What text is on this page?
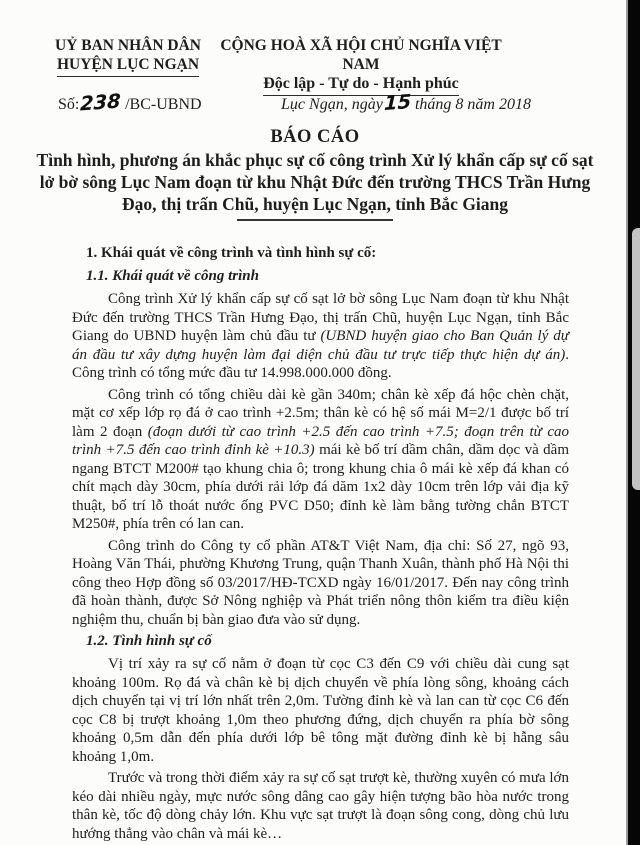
UỶ BAN NHÂN DÂN
HUYỆN LỤC NGẠN
Số:238 /BC-UBND
CỘNG HOÀ XÃ HỘI CHỦ NGHĨA VIỆT NAM
Độc lập - Tự do - Hạnh phúc
Lục Ngạn, ngày15 tháng 8 năm 2018
BÁO CÁO
Tình hình, phương án khắc phục sự cố công trình Xử lý khẩn cấp sự cố sạt lở bờ sông Lục Nam đoạn từ khu Nhật Đức đến trường THCS Trần Hưng Đạo, thị trấn Chũ, huyện Lục Ngạn, tỉnh Bắc Giang
1. Khái quát về công trình và tình hình sự cố:
1.1. Khái quát về công trình

Công trình Xử lý khẩn cấp sự cố sạt lở bờ sông Lục Nam đoạn từ khu Nhật Đức đến trường THCS Trần Hưng Đạo, thị trấn Chũ, huyện Lục Ngạn, tỉnh Bắc Giang do UBND huyện làm chủ đầu tư (UBND huyện giao cho Ban Quản lý dự án đầu tư xây dựng huyện làm đại diện chủ đầu tư trực tiếp thực hiện dự án). Công trình có tổng mức đầu tư 14.998.000.000 đồng.

Công trình có tổng chiều dài kè gần 340m; chân kè xếp đá hộc chèn chặt, mặt cơ xếp lớp rọ đá ở cao trình +2.5m; thân kè có hệ số mái M=2/1 được bố trí làm 2 đoạn (đoạn dưới từ cao trình +2.5 đến cao trình +7.5; đoạn trên từ cao trình +7.5 đến cao trình đỉnh kè +10.3) mái kè bố trí dầm chân, dầm dọc và dầm ngang BTCT M200# tạo khung chia ô; trong khung chia ô mái kè xếp đá khan có chít mạch dày 30cm, phía dưới rải lớp đá dăm 1x2 dày 10cm trên lớp vải địa kỹ thuật, bố trí lỗ thoát nước ống PVC D50; đỉnh kè làm bằng tường chắn BTCT M250#, phía trên có lan can.

Công trình do Công ty cổ phần AT&T Việt Nam, địa chỉ: Số 27, ngõ 93, Hoàng Văn Thái, phường Khương Trung, quận Thanh Xuân, thành phố Hà Nội thi công theo Hợp đồng số 03/2017/HĐ-TCXD ngày 16/01/2017. Đến nay công trình đã hoàn thành, được Sở Nông nghiệp và Phát triển nông thôn kiểm tra điều kiện nghiệm thu, chuẩn bị bàn giao đưa vào sử dụng.

1.2. Tình hình sự cố

Vị trí xảy ra sự cố nằm ở đoạn từ cọc C3 đến C9 với chiều dài cung sạt khoảng 100m. Rọ đá và chân kè bị dịch chuyển về phía lòng sông, khoảng cách dịch chuyển tại vị trí lớn nhất trên 2,0m. Tường đỉnh kè và lan can từ cọc C6 đến cọc C8 bị trượt khoảng 1,0m theo phương đứng, dịch chuyển ra phía bờ sông khoảng 0,5m dẫn đến phía dưới lớp bê tông mặt đường đỉnh kè bị hẫng sâu khoảng 1,0m.

Trước và trong thời điểm xảy ra sự cố sạt trượt kè, thường xuyên có mưa lớn kéo dài nhiều ngày, mực nước sông dâng cao gây hiện tượng bão hòa nước trong thân kè, tốc độ dòng chảy lớn. Khu vực sạt trượt là đoạn sông cong, dòng chủ lưu hướng thẳng vào chân và mái kè…
